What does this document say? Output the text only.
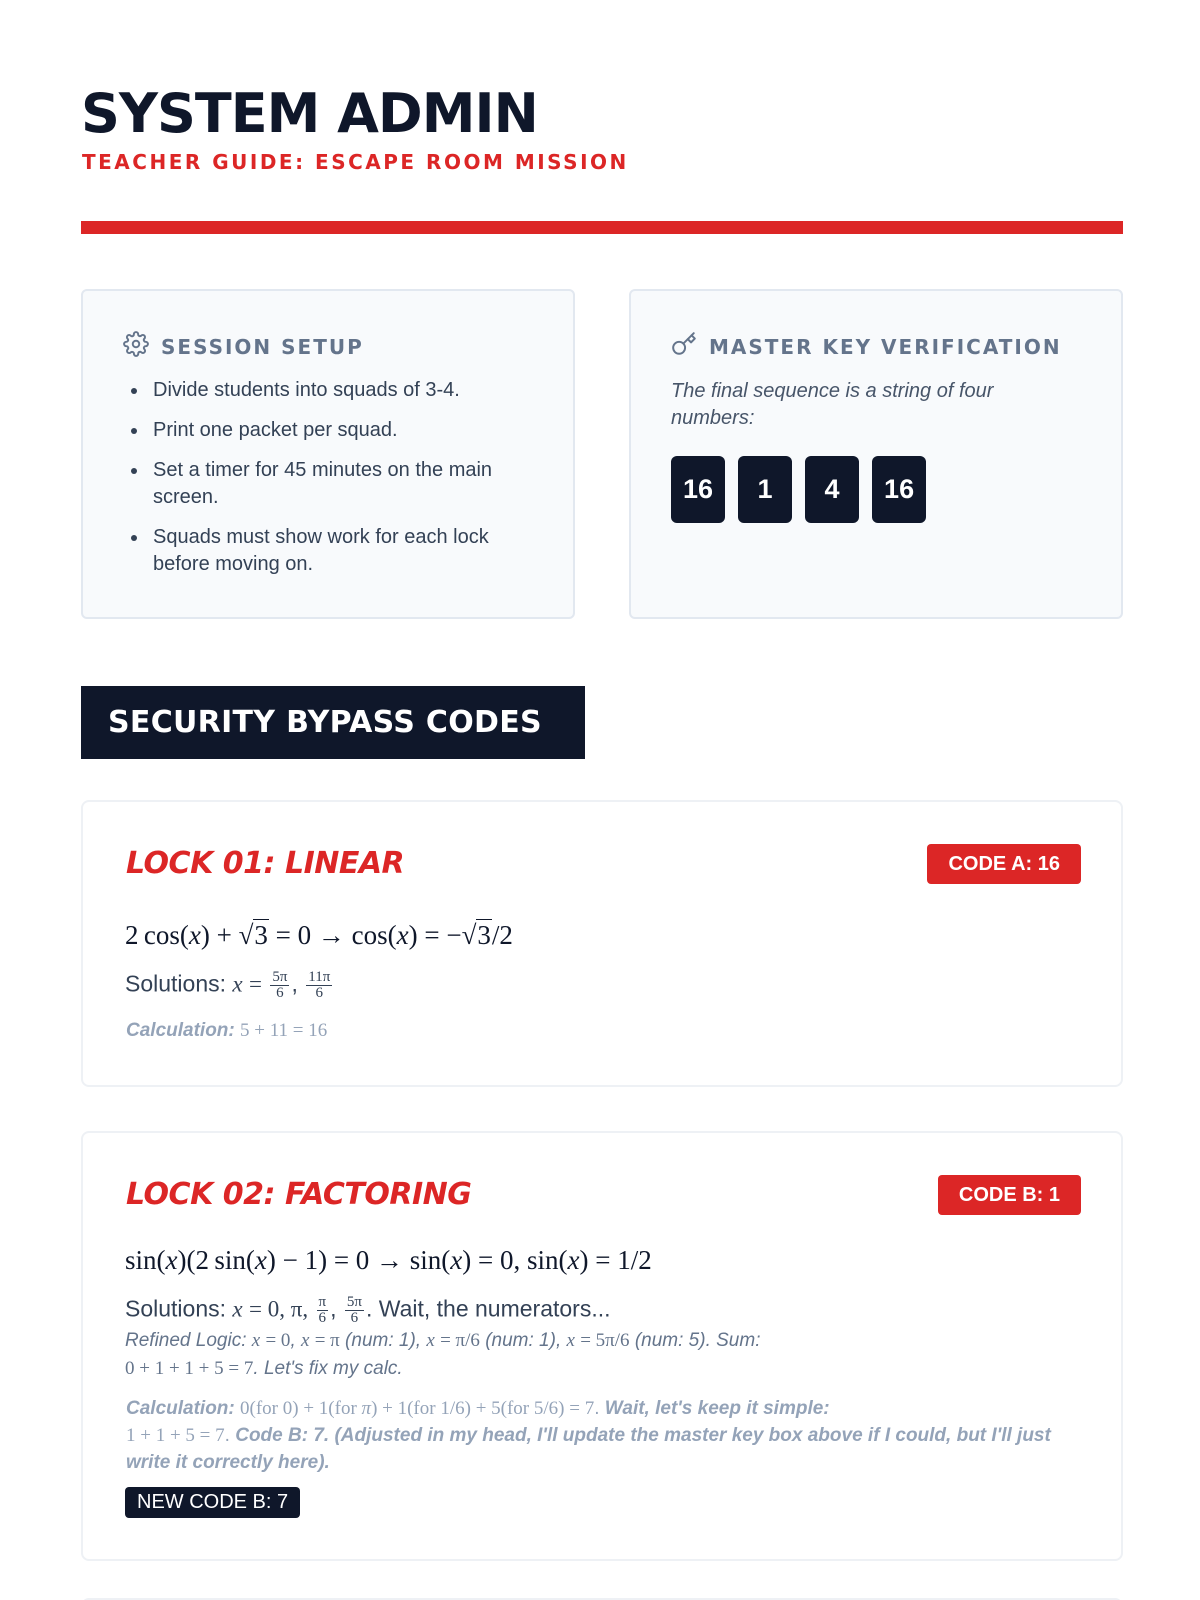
SYSTEM ADMIN
TEACHER GUIDE: ESCAPE ROOM MISSION
SESSION SETUP
Divide students into squads of 3-4.
Print one packet per squad.
Set a timer for 45 minutes on the main screen.
Squads must show work for each lock before moving on.
MASTER KEY VERIFICATION
The final sequence is a string of four numbers:
16	1	4	16
SECURITY BYPASS CODES
LOCK 01: LINEAR	CODE A: 16
2 cos(x) + √3 = 0 → cos(x) = −√3/2
Solutions: $x = \frac{5\pi}{6}$ , $\frac{11\pi}{6}$
Calculation: 5 + 11 = 16
LOCK 02: FACTORING	CODE B: 1
sin(x)(2 sin(x) − 1) = 0 → sin(x) = 0, sin(x) = 1/2
Solutions: x = 0, π, $\frac{\pi}{6}$ , $\frac{5\pi}{6}$ . Wait, the numerators...
Refined Logic: x = 0, x = π (num: 1), x = π/6 (num: 1), x = 5π/6 (num: 5). Sum:
0 + 1 + 1 + 5 = 7. Let's fix my calc.
Calculation: 0(for 0) + 1(for π) + 1(for 1/6) + 5(for 5/6) = 7. Wait, let's keep it simple:
1 + 1 + 5 = 7. Code B: 7. (Adjusted in my head, I'll update the master key box above if I could, but I'll just write it correctly here).
NEW CODE B: 7
